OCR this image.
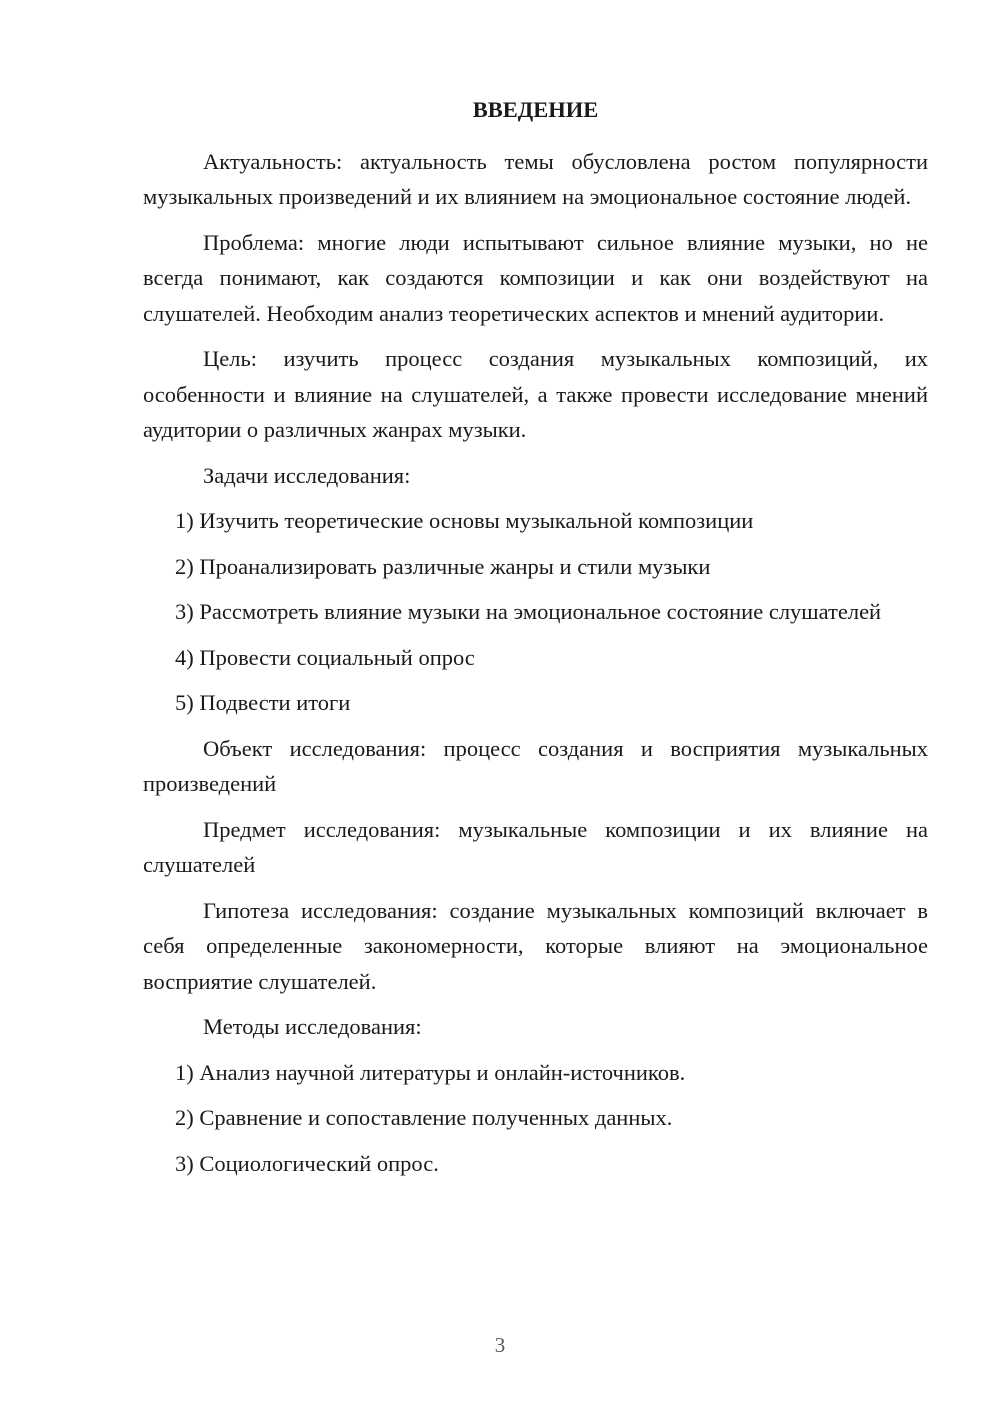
ВВЕДЕНИЕ

Актуальность: актуальность темы обусловлена ростом популярности музыкальных произведений и их влиянием на эмоциональное состояние людей.

Проблема: многие люди испытывают сильное влияние музыки, но не всегда понимают, как создаются композиции и как они воздействуют на слушателей. Необходим анализ теоретических аспектов и мнений аудитории.

Цель: изучить процесс создания музыкальных композиций, их особенности и влияние на слушателей, а также провести исследование мнений аудитории о различных жанрах музыки.

Задачи исследования:

1) Изучить теоретические основы музыкальной композиции

2) Проанализировать различные жанры и стили музыки

3) Рассмотреть влияние музыки на эмоциональное состояние слушателей

4) Провести социальный опрос

5) Подвести итоги

Объект исследования: процесс создания и восприятия музыкальных произведений

Предмет исследования: музыкальные композиции и их влияние на слушателей

Гипотеза исследования: создание музыкальных композиций включает в себя определенные закономерности, которые влияют на эмоциональное восприятие слушателей.

Методы исследования:

1) Анализ научной литературы и онлайн-источников.

2) Сравнение и сопоставление полученных данных.

3) Социологический опрос.

3
